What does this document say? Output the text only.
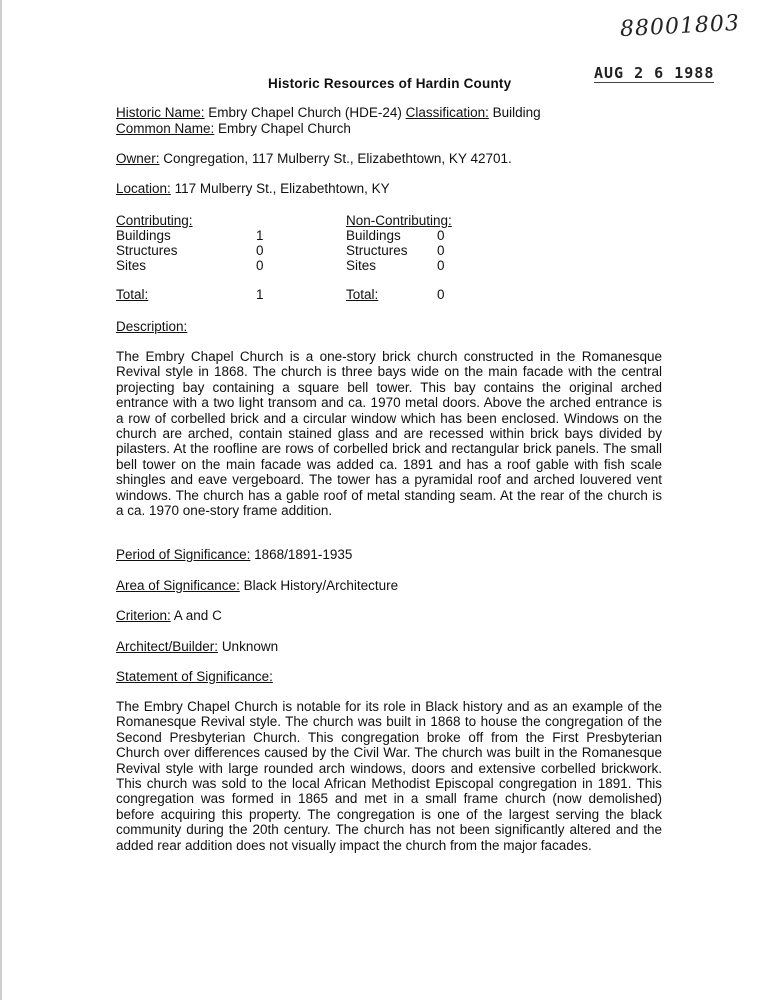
88001803
AUG 2 6 1988
Historic Resources of Hardin County
Historic Name: Embry Chapel Church (HDE-24) Classification: Building
Common Name: Embry Chapel Church
Owner: Congregation, 117 Mulberry St., Elizabethtown, KY 42701.
Location: 117 Mulberry St., Elizabethtown, KY
Contributing:
Buildings	1
Structures	0
Sites	0
Total:	1
Non-Contributing:
Buildings	0
Structures 0
Sites	0
Total:	0
Description:

The Embry Chapel Church is a one-story brick church constructed in the Romanesque Revival style in 1868. The church is three bays wide on the main facade with the central projecting bay containing a square bell tower. This bay contains the original arched entrance with a two light transom and ca. 1970 metal doors. Above the arched entrance is a row of corbelled brick and a circular window which has been enclosed. Windows on the church are arched, contain stained glass and are recessed within brick bays divided by pilasters. At the roofline are rows of corbelled brick and rectangular brick panels. The small bell tower on the main facade was added ca. 1891 and has a roof gable with fish scale shingles and eave vergeboard. The tower has a pyramidal roof and arched louvered vent windows. The church has a gable roof of metal standing seam. At the rear of the church is a ca. 1970 one-story frame addition.

Period of Significance: 1868/1891-1935
Area of Significance: Black History/Architecture
Criterion: A and C
Architect/Builder: Unknown
Statement of Significance:

The Embry Chapel Church is notable for its role in Black history and as an example of the Romanesque Revival style. The church was built in 1868 to house the congregation of the Second Presbyterian Church. This congregation broke off from the First Presbyterian Church over differences caused by the Civil War. The church was built in the Romanesque Revival style with large rounded arch windows, doors and extensive corbelled brickwork. This church was sold to the local African Methodist Episcopal congregation in 1891. This congregation was formed in 1865 and met in a small frame church (now demolished) before acquiring this property. The congregation is one of the largest serving the black community during the 20th century. The church has not been significantly altered and the added rear addition does not visually impact the church from the major facades.
